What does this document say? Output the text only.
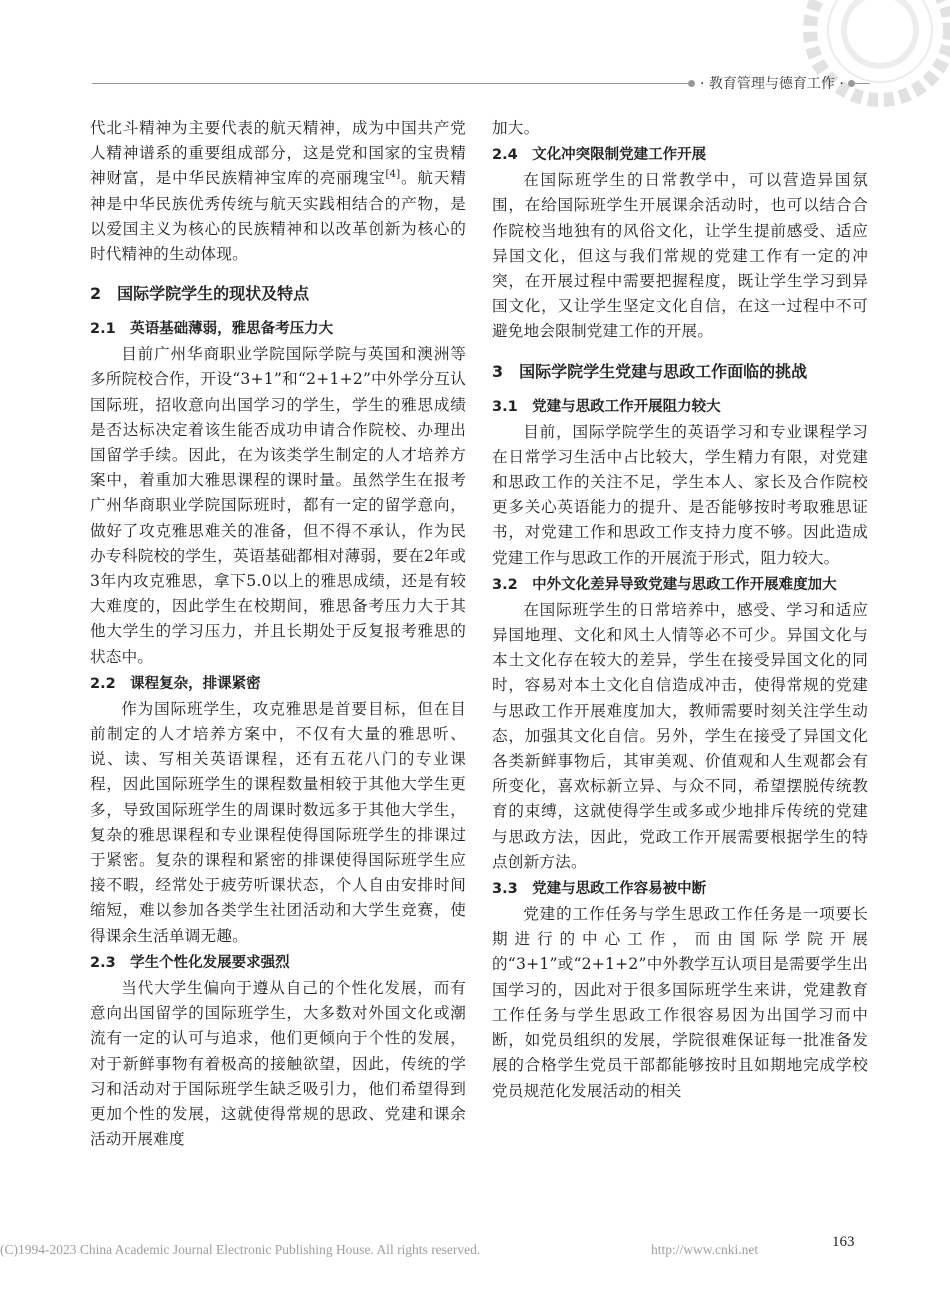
· 教育管理与德育工作 ·

代北斗精神为主要代表的航天精神，成为中国共产党人精神谱系的重要组成部分，这是党和国家的宝贵精神财富，是中华民族精神宝库的亮丽瑰宝[4]。航天精神是中华民族优秀传统与航天实践相结合的产物，是以爱国主义为核心的民族精神和以改革创新为核心的时代精神的生动体现。

2　国际学院学生的现状及特点
2.1　英语基础薄弱，雅思备考压力大

目前广州华商职业学院国际学院与英国和澳洲等多所院校合作，开设“3+1”和“2+1+2”中外学分互认国际班，招收意向出国学习的学生，学生的雅思成绩是否达标决定着该生能否成功申请合作院校、办理出国留学手续。因此，在为该类学生制定的人才培养方案中，着重加大雅思课程的课时量。虽然学生在报考广州华商职业学院国际班时，都有一定的留学意向，做好了攻克雅思难关的准备，但不得不承认，作为民办专科院校的学生，英语基础都相对薄弱，要在2年或3年内攻克雅思，拿下5.0以上的雅思成绩，还是有较大难度的，因此学生在校期间，雅思备考压力大于其他大学生的学习压力，并且长期处于反复报考雅思的状态中。

2.2　课程复杂，排课紧密

作为国际班学生，攻克雅思是首要目标，但在目前制定的人才培养方案中，不仅有大量的雅思听、说、读、写相关英语课程，还有五花八门的专业课程，因此国际班学生的课程数量相较于其他大学生更多，导致国际班学生的周课时数远多于其他大学生，复杂的雅思课程和专业课程使得国际班学生的排课过于紧密。复杂的课程和紧密的排课使得国际班学生应接不暇，经常处于疲劳听课状态，个人自由安排时间缩短，难以参加各类学生社团活动和大学生竞赛，使得课余生活单调无趣。

2.3　学生个性化发展要求强烈

当代大学生偏向于遵从自己的个性化发展，而有意向出国留学的国际班学生，大多数对外国文化或潮流有一定的认可与追求，他们更倾向于个性的发展，对于新鲜事物有着极高的接触欲望，因此，传统的学习和活动对于国际班学生缺乏吸引力，他们希望得到更加个性的发展，这就使得常规的思政、党建和课余活动开展难度

加大。

2.4　文化冲突限制党建工作开展

在国际班学生的日常教学中，可以营造异国氛围，在给国际班学生开展课余活动时，也可以结合合作院校当地独有的风俗文化，让学生提前感受、适应异国文化，但这与我们常规的党建工作有一定的冲突，在开展过程中需要把握程度，既让学生学习到异国文化，又让学生坚定文化自信，在这一过程中不可避免地会限制党建工作的开展。

3　国际学院学生党建与思政工作面临的挑战
3.1　党建与思政工作开展阻力较大

目前，国际学院学生的英语学习和专业课程学习在日常学习生活中占比较大，学生精力有限，对党建和思政工作的关注不足，学生本人、家长及合作院校更多关心英语能力的提升、是否能够按时考取雅思证书，对党建工作和思政工作支持力度不够。因此造成党建工作与思政工作的开展流于形式，阻力较大。

3.2　中外文化差异导致党建与思政工作开展难度加大

在国际班学生的日常培养中，感受、学习和适应异国地理、文化和风土人情等必不可少。异国文化与本土文化存在较大的差异，学生在接受异国文化的同时，容易对本土文化自信造成冲击，使得常规的党建与思政工作开展难度加大，教师需要时刻关注学生动态，加强其文化自信。另外，学生在接受了异国文化各类新鲜事物后，其审美观、价值观和人生观都会有所变化，喜欢标新立异、与众不同，希望摆脱传统教育的束缚，这就使得学生或多或少地排斥传统的党建与思政方法，因此，党政工作开展需要根据学生的特点创新方法。

3.3　党建与思政工作容易被中断

党建的工作任务与学生思政工作任务是一项要长期进行的中心工作，而由国际学院开展的“3+1”或“2+1+2”中外教学互认项目是需要学生出国学习的，因此对于很多国际班学生来讲，党建教育工作任务与学生思政工作很容易因为出国学习而中断，如党员组织的发展，学院很难保证每一批准备发展的合格学生党员干部都能够按时且如期地完成学校党员规范化发展活动的相关

(C)1994-2023 China Academic Journal Electronic Publishing House. All rights reserved.	http://www.cnki.net	163
